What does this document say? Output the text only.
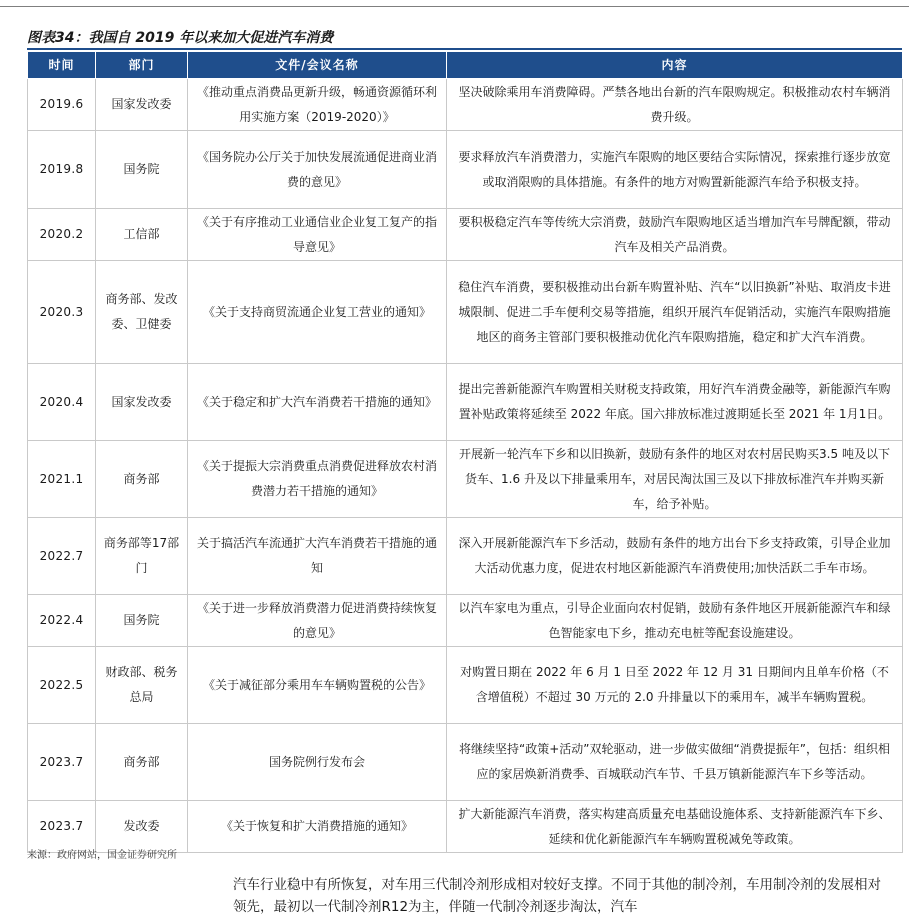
图表34：我国自 2019 年以来加大促进汽车消费
时间	部门	文件/会议名称	内容
2019.6	国家发改委	《推动重点消费品更新升级，畅通资源循环利用实施方案（2019-2020）》	坚决破除乘用车消费障碍。严禁各地出台新的汽车限购规定。积极推动农村车辆消费升级。
2019.8	国务院	《国务院办公厅关于加快发展流通促进商业消费的意见》	要求释放汽车消费潜力，实施汽车限购的地区要结合实际情况，探索推行逐步放宽或取消限购的具体措施。有条件的地方对购置新能源汽车给予积极支持。
2020.2	工信部	《关于有序推动工业通信业企业复工复产的指导意见》	要积极稳定汽车等传统大宗消费，鼓励汽车限购地区适当增加汽车号牌配额，带动汽车及相关产品消费。
2020.3	商务部、发改委、卫健委	《关于支持商贸流通企业复工营业的通知》	稳住汽车消费，要积极推动出台新车购置补贴、汽车“以旧换新”补贴、取消皮卡进城限制、促进二手车便利交易等措施，组织开展汽车促销活动，实施汽车限购措施地区的商务主管部门要积极推动优化汽车限购措施，稳定和扩大汽车消费。
2020.4	国家发改委	《关于稳定和扩大汽车消费若干措施的通知》	提出完善新能源汽车购置相关财税支持政策，用好汽车消费金融等，新能源汽车购置补贴政策将延续至 2022 年底。国六排放标准过渡期延长至 2021 年 1月1日。
2021.1	商务部	《关于提振大宗消费重点消费促进释放农村消费潜力若干措施的通知》	开展新一轮汽车下乡和以旧换新，鼓励有条件的地区对农村居民购买3.5 吨及以下货车、1.6 升及以下排量乘用车，对居民淘汰国三及以下排放标准汽车并购买新车，给予补贴。
2022.7	商务部等17部门	关于搞活汽车流通扩大汽车消费若干措施的通知	深入开展新能源汽车下乡活动，鼓励有条件的地方出台下乡支持政策，引导企业加大活动优惠力度，促进农村地区新能源汽车消费使用;加快活跃二手车市场。
2022.4	国务院	《关于进一步释放消费潜力促进消费持续恢复的意见》	以汽车家电为重点，引导企业面向农村促销，鼓励有条件地区开展新能源汽车和绿色智能家电下乡，推动充电桩等配套设施建设。
2022.5	财政部、税务总局	《关于减征部分乘用车车辆购置税的公告》	对购置日期在 2022 年 6 月 1 日至 2022 年 12 月 31 日期间内且单车价格（不含增值税）不超过 30 万元的 2.0 升排量以下的乘用车，减半车辆购置税。
2023.7	商务部	国务院例行发布会	将继续坚持“政策+活动”双轮驱动，进一步做实做细“消费提振年”，包括：组织相应的家居焕新消费季、百城联动汽车节、千县万镇新能源汽车下乡等活动。
2023.7	发改委	《关于恢复和扩大消费措施的通知》	扩大新能源汽车消费，落实构建高质量充电基础设施体系、支持新能源汽车下乡、延续和优化新能源汽车车辆购置税减免等政策。
来源：政府网站，国金证券研究所
汽车行业稳中有所恢复，对车用三代制冷剂形成相对较好支撑。不同于其他的制冷剂，车用制冷剂的发展相对领先，最初以一代制冷剂R12为主，伴随一代制冷剂逐步淘汰，汽车
